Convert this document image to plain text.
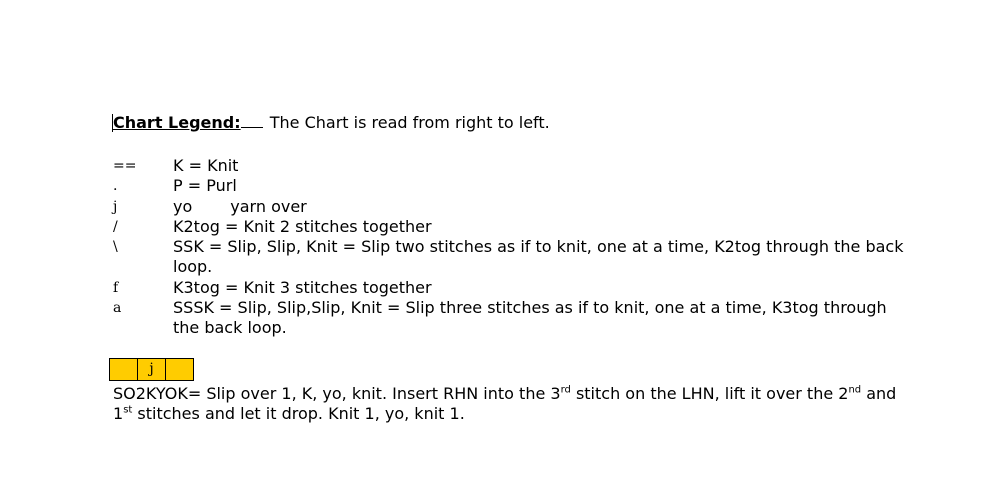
Chart Legend: The Chart is read from right to left.
==	K = Knit
.	P = Purl
j	yo yarn over
/	K2tog = Knit 2 stitches together
\	SSK = Slip, Slip, Knit = Slip two stitches as if to knit, one at a time, K2tog through the back loop.
f	K3tog = Knit 3 stitches together
a	SSSK = Slip, Slip,Slip, Knit = Slip three stitches as if to knit, one at a time, K3tog through the back loop.
j
SO2KYOK= Slip over 1, K, yo, knit. Insert RHN into the 3rd stitch on the LHN, lift it over the 2nd and 1st stitches and let it drop. Knit 1, yo, knit 1.
